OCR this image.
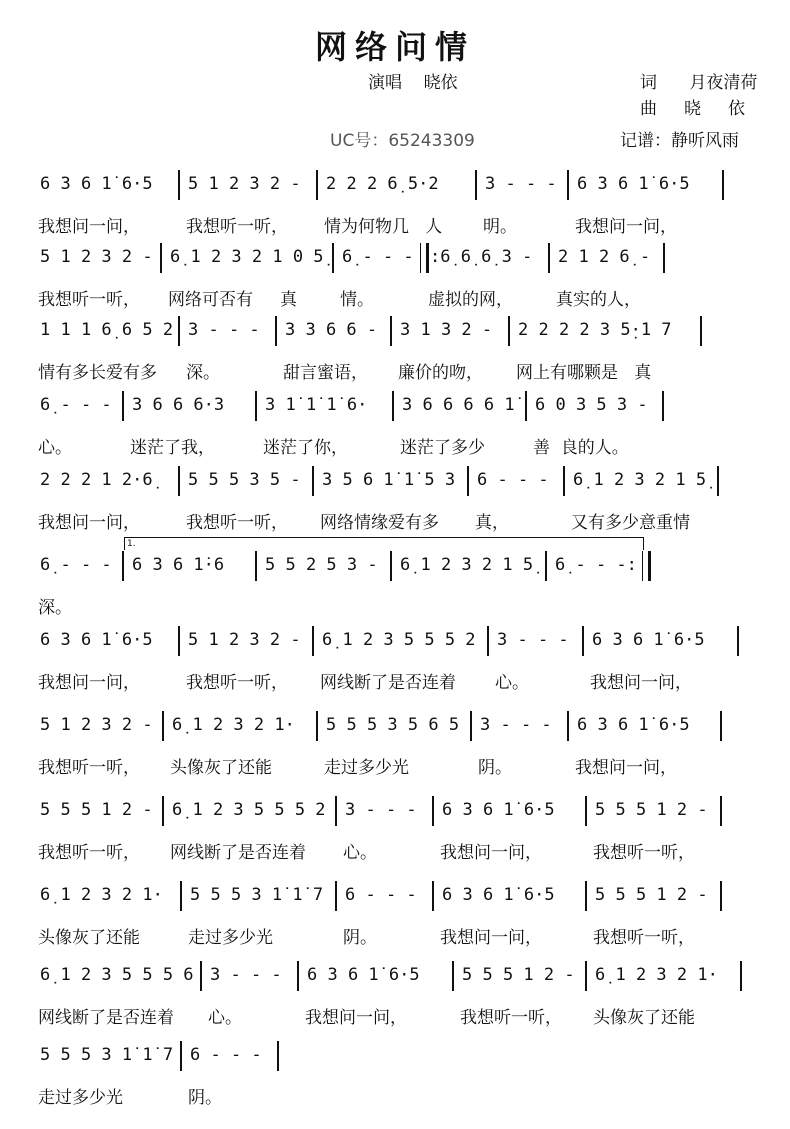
网络问情
演唱    晓依	词      月夜清荷
曲     晓     依
UC号：65243309	记谱：静听风雨
6 3 6 1̇ 6·5
我想问一问，
5 1 2 3 2 -
我想听一听，
2 2 2 6̣ 5·2
情为何物几   人
3 - - -
明。
6 3 6 1̇ 6·5
我想问一问，
5 1 2 3 2 -
我想听一听，
6̣ 1 2 3 2 1 0 5̣
网络可否有     真
6̣ - - -
情。
:6̣ 6̣ 6̣ 3 -
虚拟的网，
2 1 2 6̣ -
真实的人，
1 1 1 6̣ 6 5 2
情有多长爱有多
3 - - -
深。
3 3 6 6 -
甜言蜜语，
3 1 3 2 -
廉价的吻，
2 2 2 2 3 5̣·1 7
网上有哪颗是   真
6̣ - - -
心。
3 6 6 6·3
迷茫了我，
3 1̇ 1̇ 1̇ 6·
迷茫了你，
3 6 6 6 6 1̇
迷茫了多少
6 0 3 5 3 -
善  良的人。
2 2 2 1 2·6̣
我想问一问，
5 5 5 3 5 -
我想听一听，
3 5 6 1̇ 1̇ 5 3
网络情缘爱有多
6 - - -
真，
6̣ 1 2 3 2 1 5̣
又有多少意重情
6̣ - - -
深。
6 3 6 1̇·6 5 5 2 5 3 - 6̣ 1 2 3 2 1 5̣ 6̣ - - -:
1.
6 3 6 1̇ 6·5
我想问一问，
5 1 2 3 2 -
我想听一听，
6̣ 1 2 3 5 5 5 2
网线断了是否连着
3 - - -
心。
6 3 6 1̇ 6·5
我想问一问，
5 1 2 3 2 -
我想听一听，
6̣ 1 2 3 2 1·
头像灰了还能
5 5 5 3 5 6 5
走过多少光
3 - - -
阴。
6 3 6 1̇ 6·5
我想问一问，
5 5 5 1 2 -
我想听一听，
6̣ 1 2 3 5 5 5 2
网线断了是否连着
3 - - -
心。
6 3 6 1̇ 6·5
我想问一问，
5 5 5 1 2 -
我想听一听，
6̣ 1 2 3 2 1·
头像灰了还能
5 5 5 3 1̇ 1̇ 7
走过多少光
6 - - -
阴。
6 3 6 1̇ 6·5
我想问一问，
5 5 5 1 2 -
我想听一听，
6̣ 1 2 3 5 5 5 6
网线断了是否连着
3 - - -
心。
6 3 6 1̇ 6·5
我想问一问，
5 5 5 1 2 -
我想听一听，
6̣ 1 2 3 2 1·
头像灰了还能
5 5 5 3 1̇ 1̇ 7
走过多少光
6 - - -
阴。
